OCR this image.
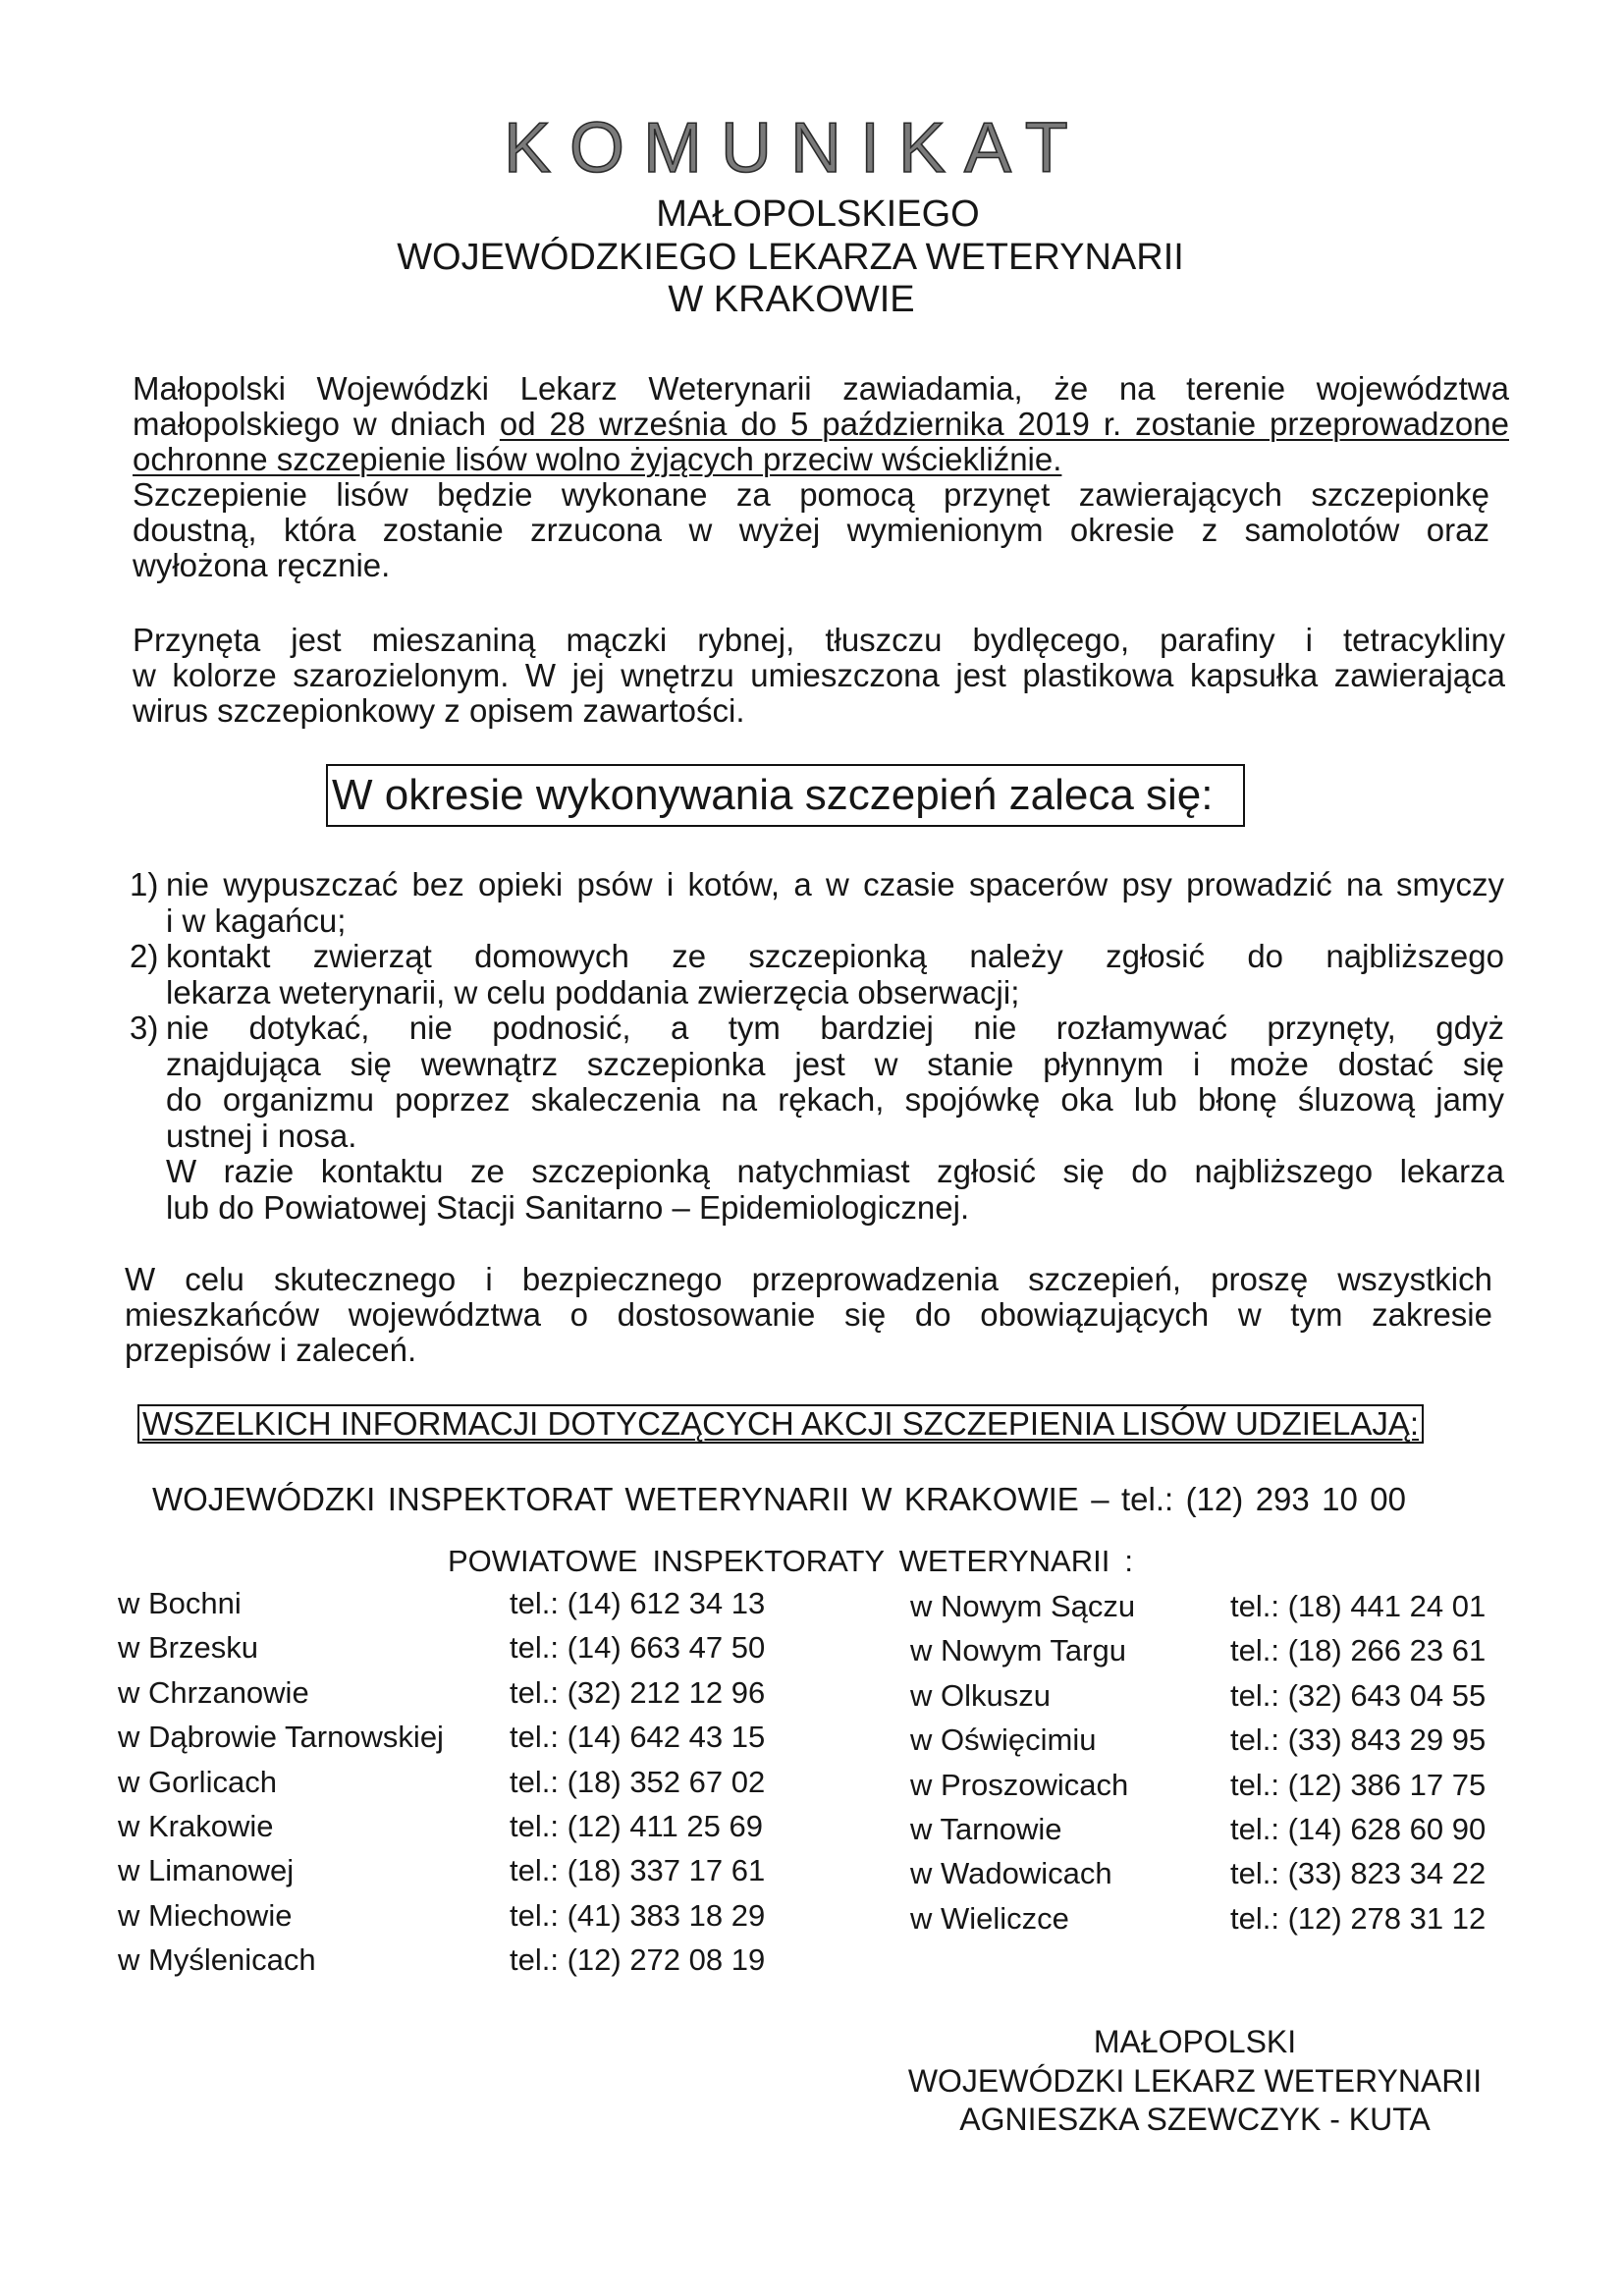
KOMUNIKAT
MAŁOPOLSKIEGO
WOJEWÓDZKIEGO LEKARZA WETERYNARII
W KRAKOWIE
Małopolski Wojewódzki Lekarz Weterynarii zawiadamia, że na terenie województwa
małopolskiego w dniach od 28 września do 5 października 2019 r. zostanie przeprowadzone
ochronne szczepienie lisów wolno żyjących przeciw wściekliźnie.
Szczepienie lisów będzie wykonane za pomocą przynęt zawierających szczepionkę
doustną, która zostanie zrzucona w wyżej wymienionym okresie z samolotów oraz
wyłożona ręcznie.
Przynęta jest mieszaniną mączki rybnej, tłuszczu bydlęcego, parafiny i tetracykliny
w kolorze szarozielonym. W jej wnętrzu umieszczona jest plastikowa kapsułka zawierająca
wirus szczepionkowy z opisem zawartości.
W okresie wykonywania szczepień zaleca się:
1) nie wypuszczać bez opieki psów i kotów, a w czasie spacerów psy prowadzić na smyczy
i w kagańcu;
2) kontakt zwierząt domowych ze szczepionką należy zgłosić do najbliższego
lekarza weterynarii, w celu poddania zwierzęcia obserwacji;
3) nie dotykać, nie podnosić, a tym bardziej nie rozłamywać przynęty, gdyż
znajdująca się wewnątrz szczepionka jest w stanie płynnym i może dostać się
do organizmu poprzez skaleczenia na rękach, spojówkę oka lub błonę śluzową jamy
ustnej i nosa.
W razie kontaktu ze szczepionką natychmiast zgłosić się do najbliższego lekarza
lub do Powiatowej Stacji Sanitarno – Epidemiologicznej.
W celu skutecznego i bezpiecznego przeprowadzenia szczepień, proszę wszystkich
mieszkańców województwa o dostosowanie się do obowiązujących w tym zakresie
przepisów i zaleceń.
WSZELKICH INFORMACJI DOTYCZĄCYCH AKCJI SZCZEPIENIA LISÓW UDZIELAJĄ:
WOJEWÓDZKI INSPEKTORAT WETERYNARII W KRAKOWIE – tel.: (12) 293 10 00
POWIATOWE INSPEKTORATY WETERYNARII :
w Bochni	tel.: (14) 612 34 13
w Brzesku	tel.: (14) 663 47 50
w Chrzanowie	tel.: (32) 212 12 96
w Dąbrowie Tarnowskiej tel.: (14) 642 43 15
w Gorlicach	tel.: (18) 352 67 02
w Krakowie	tel.: (12) 411 25 69
w Limanowej	tel.: (18) 337 17 61
w Miechowie	tel.: (41) 383 18 29
w Myślenicach	tel.: (12) 272 08 19
w Nowym Sączu	tel.: (18) 441 24 01
w Nowym Targu	tel.: (18) 266 23 61
w Olkuszu	tel.: (32) 643 04 55
w Oświęcimiu	tel.: (33) 843 29 95
w Proszowicach	tel.: (12) 386 17 75
w Tarnowie	tel.: (14) 628 60 90
w Wadowicach	tel.: (33) 823 34 22
w Wieliczce	tel.: (12) 278 31 12
MAŁOPOLSKI
WOJEWÓDZKI LEKARZ WETERYNARII
AGNIESZKA SZEWCZYK - KUTA
